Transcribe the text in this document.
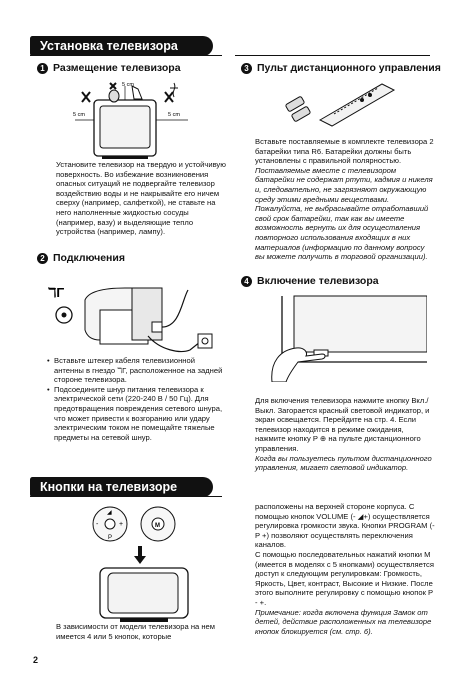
Установка телевизора
1 Размещение телевизора
5 cm
5 cm	5 cm

Установите телевизор на твердую и устойчивую поверхность. Во избежание возникновения опасных ситуаций не подвергайте телевизор воздействию воды и не накрывайте его ничем сверху (например, салфеткой), не ставьте на него наполненные жидкостью сосуды (например, вазу) и выделяющие тепло устройства (например, лампу).

2 Подключения
ℸΓ
• Вставьте штекер кабеля телевизионной антенны в гнездо ℸΓ, расположенное на задней стороне телевизора.
• Подсоедините шнур питания телевизора к электрической сети (220-240 В / 50 Гц). Для предотвращения повреждения сетевого шнура, что может привести к возгоранию или удару электрическим током не помещайте тяжелые предметы на сетевой шнур.
3 Пульт дистанционного управления

Вставьте поставляемые в комплекте телевизора 2 батарейки типа R6. Батарейки должны быть установлены с правильной полярностью.

Поставляемые вместе с телевизором батарейки не содержат ртути, кадмия и никеля и, следовательно, не загрязняют окружающую среду этими вредными веществами. Пожалуйста, не выбрасывайте отработавший свой срок батарейки, так как вы имеете возможность вернуть их для осуществления повторного использования входящих в них материалов (информацию по данному вопросу вы можете получить в торговой организации).

4 Включение телевизора

Для включения телевизора нажмите кнопку Вкл./Выкл. Загорается красный световой индикатор, и экран освещается. Перейдите на стр. 4. Если телевизор находится в режиме ожидания, нажмите кнопку P ⊕ на пульте дистанционного управления.

Когда вы пользуетесь пультом дистанционного управления, мигает световой индикатор.

Кнопки на телевизоре
◢
-	+
P
M

В зависимости от модели телевизора на нем имеется 4 или 5 кнопок, которые

расположены на верхней стороне корпуса. С помощью кнопок VOLUME (- ◢+) осуществляется регулировка громкости звука. Кнопки PROGRAM (- P +) позволяют осуществлять переключения каналов.

С помощью последовательных нажатий кнопки M (имеется в моделях с 5 кнопками) осуществляется доступ к следующим регулировкам: Громкость, Яркость, Цвет, контраст, Высокие и Низкие. После этого выполните регулировку с помощью кнопок P - +.

Примечание: когда включена функция Замок от детей, действие расположенных на телевизоре кнопок блокируется (см. стр. 6).

2
